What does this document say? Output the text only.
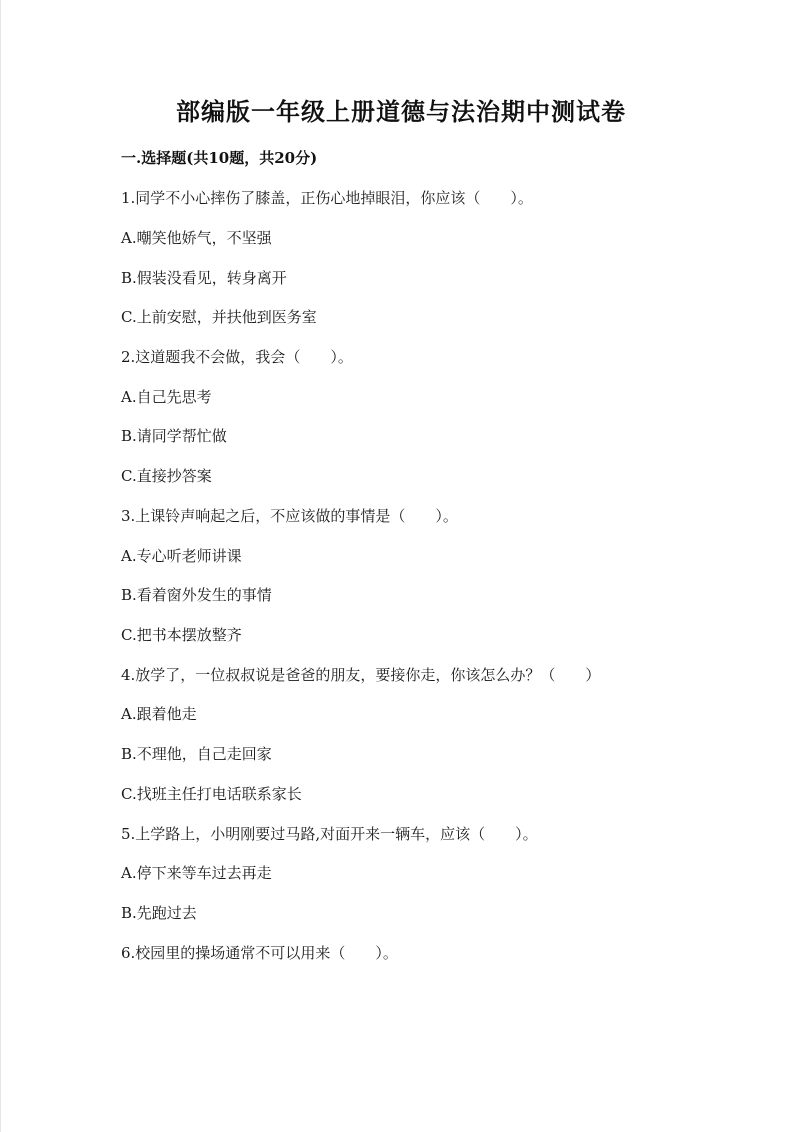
部编版一年级上册道德与法治期中测试卷
一.选择题(共10题，共20分)
1.同学不小心摔伤了膝盖，正伤心地掉眼泪，你应该（　　）。
A.嘲笑他娇气，不坚强
B.假装没看见，转身离开
C.上前安慰，并扶他到医务室
2.这道题我不会做，我会（　　）。
A.自己先思考
B.请同学帮忙做
C.直接抄答案
3.上课铃声响起之后，不应该做的事情是（　　）。
A.专心听老师讲课
B.看着窗外发生的事情
C.把书本摆放整齐
4.放学了，一位叔叔说是爸爸的朋友，要接你走，你该怎么办？（　　）
A.跟着他走
B.不理他，自己走回家
C.找班主任打电话联系家长
5.上学路上，小明刚要过马路,对面开来一辆车，应该（　　）。
A.停下来等车过去再走
B.先跑过去
6.校园里的操场通常不可以用来（　　）。
